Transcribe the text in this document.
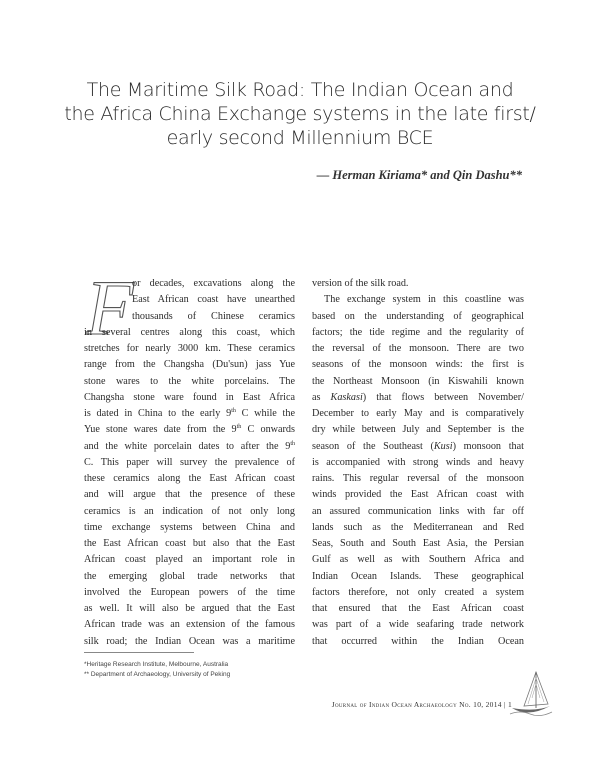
The Maritime Silk Road: The Indian Ocean and
the Africa China Exchange systems in the late first/
early second Millennium BCE
— Herman Kiriama* and Qin Dashu**
F
or decades, excavations along the
East African coast have unearthed
thousands of Chinese ceramics
in several centres along this coast, which
stretches for nearly 3000 km. These ceramics
range from the Changsha (Du'sun) jass Yue
stone wares to the white porcelains. The
Changsha stone ware found in East Africa
is dated in China to the early 9th C while the
Yue stone wares date from the 9th C onwards
and the white porcelain dates to after the 9th
C. This paper will survey the prevalence of
these ceramics along the East African coast
and will argue that the presence of these
ceramics is an indication of not only long
time exchange systems between China and
the East African coast but also that the East
African coast played an important role in
the emerging global trade networks that
involved the European powers of the time
as well. It will also be argued that the East
African trade was an extension of the famous
silk road; the Indian Ocean was a maritime
version of the silk road.
The exchange system in this coastline was
based on the understanding of geographical
factors; the tide regime and the regularity of
the reversal of the monsoon. There are two
seasons of the monsoon winds: the first is
the Northeast Monsoon (in Kiswahili known
as Kaskasi) that flows between November/
December to early May and is comparatively
dry while between July and September is the
season of the Southeast (Kusi) monsoon that
is accompanied with strong winds and heavy
rains. This regular reversal of the monsoon
winds provided the East African coast with
an assured communication links with far off
lands such as the Mediterranean and Red
Seas, South and South East Asia, the Persian
Gulf as well as with Southern Africa and
Indian Ocean Islands. These geographical
factors therefore, not only created a system
that ensured that the East African coast
was part of a wide seafaring trade network
that occurred within the Indian Ocean
*Heritage Research Institute, Melbourne, Australia
** Department of Archaeology, University of Peking
Journal of Indian Ocean Archaeology No. 10, 2014 | 1
